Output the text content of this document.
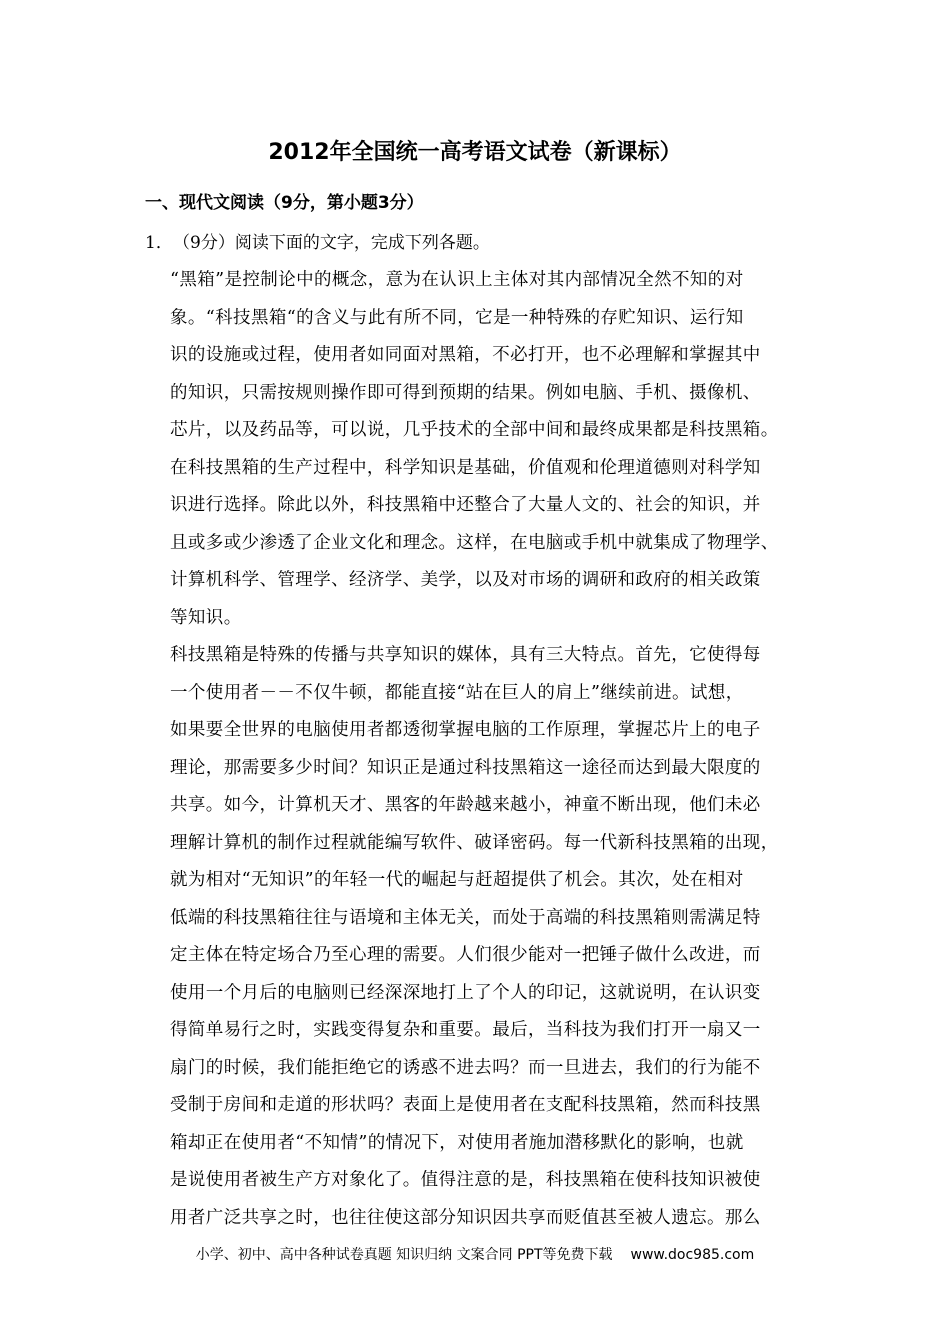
2012年全国统一高考语文试卷（新课标）
一、现代文阅读（9分，第小题3分）
1．（9分）阅读下面的文字，完成下列各题。
“黑箱”是控制论中的概念，意为在认识上主体对其内部情况全然不知的对
象。“科技黑箱“的含义与此有所不同，它是一种特殊的存贮知识、运行知
识的设施或过程，使用者如同面对黑箱，不必打开，也不必理解和掌握其中
的知识，只需按规则操作即可得到预期的结果。例如电脑、手机、摄像机、
芯片，以及药品等，可以说，几乎技术的全部中间和最终成果都是科技黑箱。
在科技黑箱的生产过程中，科学知识是基础，价值观和伦理道德则对科学知
识进行选择。除此以外，科技黑箱中还整合了大量人文的、社会的知识，并
且或多或少渗透了企业文化和理念。这样，在电脑或手机中就集成了物理学、
计算机科学、管理学、经济学、美学，以及对市场的调研和政府的相关政策
等知识。
科技黑箱是特殊的传播与共享知识的媒体，具有三大特点。首先，它使得每
一个使用者－－不仅牛顿，都能直接“站在巨人的肩上”继续前进。试想，
如果要全世界的电脑使用者都透彻掌握电脑的工作原理，掌握芯片上的电子
理论，那需要多少时间？知识正是通过科技黑箱这一途径而达到最大限度的
共享。如今，计算机天才、黑客的年龄越来越小，神童不断出现，他们未必
理解计算机的制作过程就能编写软件、破译密码。每一代新科技黑箱的出现，
就为相对“无知识”的年轻一代的崛起与赶超提供了机会。其次，处在相对
低端的科技黑箱往往与语境和主体无关，而处于高端的科技黑箱则需满足特
定主体在特定场合乃至心理的需要。人们很少能对一把锤子做什么改进，而
使用一个月后的电脑则已经深深地打上了个人的印记，这就说明，在认识变
得简单易行之时，实践变得复杂和重要。最后，当科技为我们打开一扇又一
扇门的时候，我们能拒绝它的诱惑不进去吗？而一旦进去，我们的行为能不
受制于房间和走道的形状吗？表面上是使用者在支配科技黑箱，然而科技黑
箱却正在使用者“不知情”的情况下，对使用者施加潜移默化的影响，也就
是说使用者被生产方对象化了。值得注意的是，科技黑箱在使科技知识被使
用者广泛共享之时，也往往使这部分知识因共享而贬值甚至被人遗忘。那么
小学、初中、高中各种试卷真题 知识归纳 文案合同 PPT等免费下载 www.doc985.com
